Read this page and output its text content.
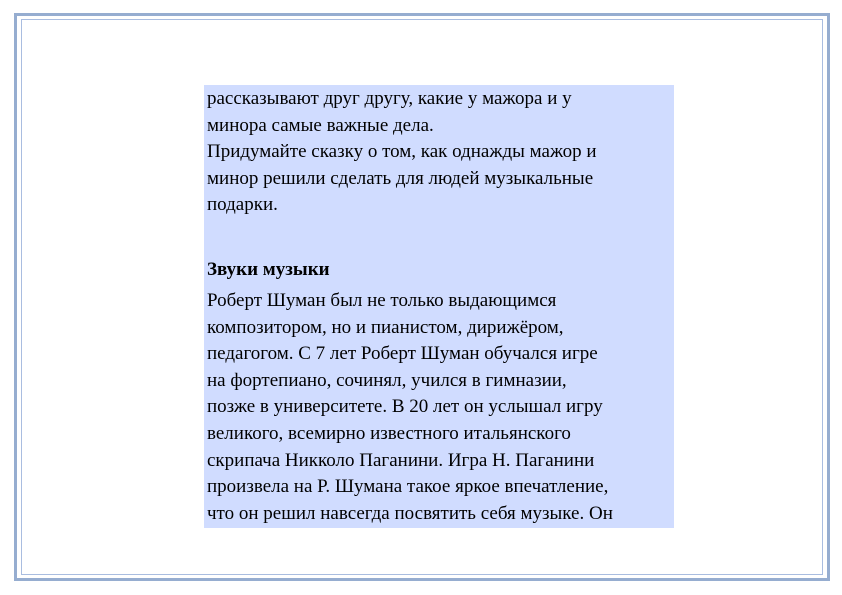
рассказывают друг другу, какие у мажора и у
минора самые важные дела.
Придумайте сказку о том, как однажды мажор и
минор решили сделать для людей музыкальные
подарки.

Звуки музыки

Роберт Шуман был не только выдающимся
композитором, но и пианистом, дирижёром,
педагогом. С 7 лет Роберт Шуман обучался игре
на фортепиано, сочинял, учился в гимназии,
позже в университете. В 20 лет он услышал игру
великого, всемирно известного итальянского
скрипача Никколо Паганини. Игра Н. Паганини
произвела на Р. Шумана такое яркое впечатление,
что он решил навсегда посвятить себя музыке. Он
